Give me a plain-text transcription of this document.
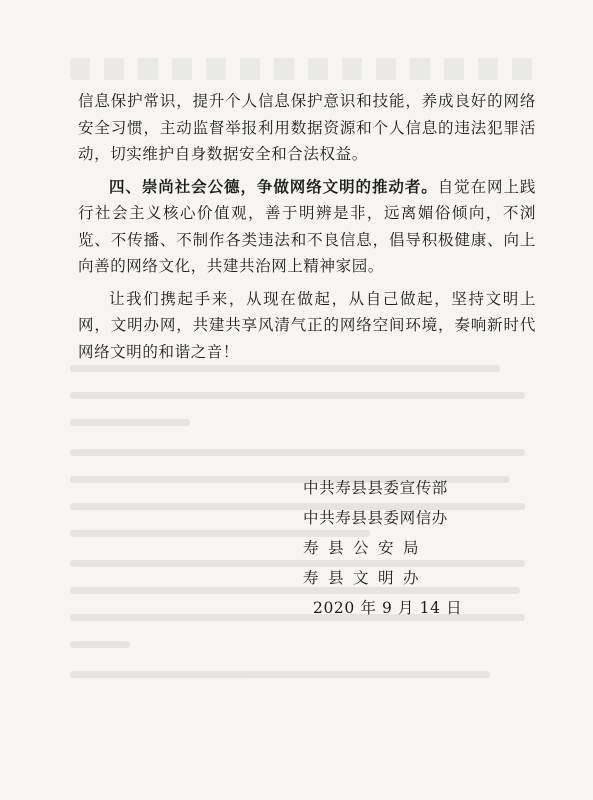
信息保护常识，提升个人信息保护意识和技能，养成良好的网络安全习惯，主动监督举报利用数据资源和个人信息的违法犯罪活动，切实维护自身数据安全和合法权益。

四、崇尚社会公德，争做网络文明的推动者。自觉在网上践行社会主义核心价值观，善于明辨是非，远离媚俗倾向，不浏览、不传播、不制作各类违法和不良信息，倡导积极健康、向上向善的网络文化，共建共治网上精神家园。

让我们携起手来，从现在做起，从自己做起，坚持文明上网，文明办网，共建共享风清气正的网络空间环境，奏响新时代网络文明的和谐之音！

中共寿县县委宣传部
中共寿县县委网信办
寿县公安局
寿县文明办
2020 年 9 月 14 日
